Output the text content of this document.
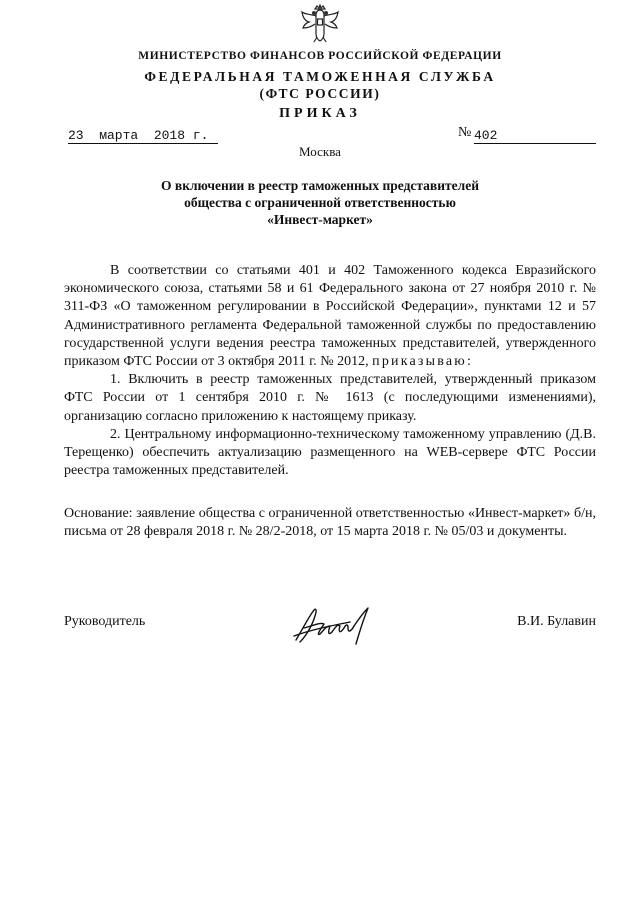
МИНИСТЕРСТВО ФИНАНСОВ РОССИЙСКОЙ ФЕДЕРАЦИИ
ФЕДЕРАЛЬНАЯ ТАМОЖЕННАЯ СЛУЖБА
(ФТС РОССИИ)
ПРИКАЗ
23  марта  2018 г.	№ 402
Москва
О включении в реестр таможенных представителей
общества с ограниченной ответственностью
«Инвест-маркет»

В соответствии со статьями 401 и 402 Таможенного кодекса Евразийского экономического союза, статьями 58 и 61 Федерального закона от 27 ноября 2010 г. № 311-ФЗ «О таможенном регулировании в Российской Федерации», пунктами 12 и 57 Административного регламента Федеральной таможенной службы по предоставлению государственной услуги ведения реестра таможенных представителей, утвержденного приказом ФТС России от 3 октября 2011 г. № 2012, приказываю:

1. Включить в реестр таможенных представителей, утвержденный приказом ФТС России от 1 сентября 2010 г. № 1613 (с последующими изменениями), организацию согласно приложению к настоящему приказу.

2. Центральному информационно-техническому таможенному управлению (Д.В. Терещенко) обеспечить актуализацию размещенного на WEB-сервере ФТС России реестра таможенных представителей.

Основание: заявление общества с ограниченной ответственностью «Инвест-маркет» б/н, письма от 28 февраля 2018 г. № 28/2-2018, от 15 марта 2018 г. № 05/03 и документы.

Руководитель	В.И. Булавин
